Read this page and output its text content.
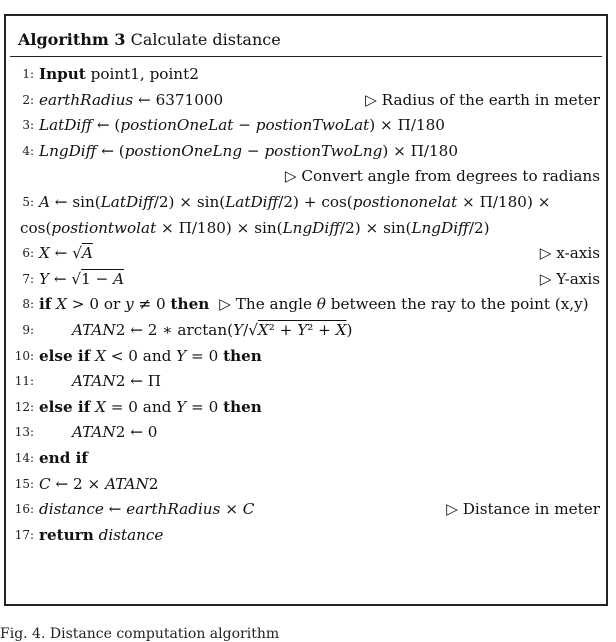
Algorithm 3 Calculate distance
1: Input point1, point2
2: earthRadius ← 6371000	▷ Radius of the earth in meter
3: LatDiff ← (postionOneLat − postionTwoLat) × Π/180
4: LngDiff ← (postionOneLng − postionTwoLng) × Π/180
▷ Convert angle from degrees to radians
5: A ← sin(LatDiff/2) × sin(LatDiff/2) + cos(postiononelat × Π/180) ×
cos(postiontwolat × Π/180) × sin(LngDiff/2) × sin(LngDiff/2)
6: X ← √A	▷ x-axis
7: Y ← √1 − A	▷ Y-axis
8: if X > 0 or y ≠ 0 then ▷ The angle θ between the ray to the point (x,y)
9:	ATAN2 ← 2 ∗ arctan(Y/√X² + Y² + X)
10: else if X < 0 and Y = 0 then
11:	ATAN2 ← Π
12: else if X = 0 and Y = 0 then
13:	ATAN2 ← 0
14: end if
15: C ← 2 × ATAN2
16: distance ← earthRadius × C	▷ Distance in meter
17: return distance
Fig. 4. Distance computation algorithm
